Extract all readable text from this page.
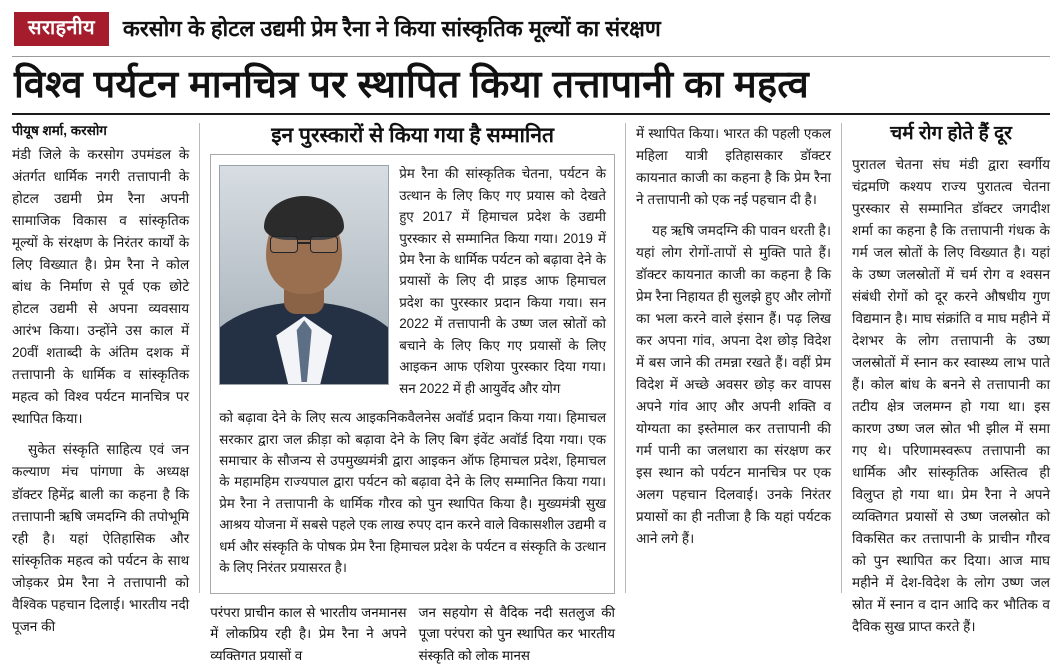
सराहनीय	करसोग के होटल उद्यमी प्रेम रैना ने किया सांस्कृतिक मूल्यों का संरक्षण
विश्व पर्यटन मानचित्र पर स्थापित किया तत्तापानी का महत्व
पीयूष शर्मा, करसोग

मंडी जिले के करसोग उपमंडल के अंतर्गत धार्मिक नगरी तत्तापानी के होटल उद्यमी प्रेम रैना अपनी सामाजिक विकास व सांस्कृतिक मूल्यों के संरक्षण के निरंतर कार्यों के लिए विख्यात है। प्रेम रैना ने कोल बांध के निर्माण से पूर्व एक छोटे होटल उद्यमी से अपना व्यवसाय आरंभ किया। उन्होंने उस काल में 20वीं शताब्दी के अंतिम दशक में तत्तापानी के धार्मिक व सांस्कृतिक महत्व को विश्व पर्यटन मानचित्र पर स्थापित किया।

सुकेत संस्कृति साहित्य एवं जन कल्याण मंच पांगणा के अध्यक्ष डॉक्टर हिमेंद्र बाली का कहना है कि तत्तापानी ऋषि जमदग्नि की तपोभूमि रही है। यहां ऐतिहासिक और सांस्कृतिक महत्व को पर्यटन के साथ जोड़कर प्रेम रैना ने तत्तापानी को वैश्विक पहचान दिलाई। भारतीय नदी पूजन की

इन पुरस्कारों से किया गया है सम्मानित

प्रेम रैना की सांस्कृतिक चेतना, पर्यटन के उत्थान के लिए किए गए प्रयास को देखते हुए 2017 में हिमाचल प्रदेश के उद्यमी पुरस्कार से सम्मानित किया गया। 2019 में प्रेम रैना के धार्मिक पर्यटन को बढ़ावा देने के प्रयासों के लिए दी प्राइड आफ हिमाचल प्रदेश का पुरस्कार प्रदान किया गया। सन 2022 में तत्तापानी के उष्ण जल स्रोतों को बचाने के लिए किए गए प्रयासों के लिए आइकन आफ एशिया पुरस्कार दिया गया। सन 2022 में ही आयुर्वेद और योग

को बढ़ावा देने के लिए सत्य आइकनिकवैलनेस अवॉर्ड प्रदान किया गया। हिमाचल सरकार द्वारा जल क्रीड़ा को बढ़ावा देने के लिए बिग इंवेंट अवॉर्ड दिया गया। एक समाचार के सौजन्य से उपमुख्यमंत्री द्वारा आइकन ऑफ हिमाचल प्रदेश, हिमाचल के महामहिम राज्यपाल द्वारा पर्यटन को बढ़ावा देने के लिए सम्मानित किया गया। प्रेम रैना ने तत्तापानी के धार्मिक गौरव को पुन स्थापित किया है। मुख्यमंत्री सुख आश्रय योजना में सबसे पहले एक लाख रुपए दान करने वाले विकासशील उद्यमी व धर्म और संस्कृति के पोषक प्रेम रैना हिमाचल प्रदेश के पर्यटन व संस्कृति के उत्थान के लिए निरंतर प्रयासरत है।

परंपरा प्राचीन काल से भारतीय जनमानस में लोकप्रिय रही है। प्रेम रैना ने अपने व्यक्तिगत प्रयासों व
जन सहयोग से वैदिक नदी सतलुज की पूजा परंपरा को पुन स्थापित कर भारतीय संस्कृति को लोक मानस

में स्थापित किया। भारत की पहली एकल महिला यात्री इतिहासकार डॉक्टर कायनात काजी का कहना है कि प्रेम रैना ने तत्तापानी को एक नई पहचान दी है।

यह ऋषि जमदग्नि की पावन धरती है। यहां लोग रोगों-तापों से मुक्ति पाते हैं। डॉक्टर कायनात काजी का कहना है कि प्रेम रैना निहायत ही सुलझे हुए और लोगों का भला करने वाले इंसान हैं। पढ़ लिख कर अपना गांव, अपना देश छोड़ विदेश में बस जाने की तमन्ना रखते हैं। वहीं प्रेम विदेश में अच्छे अवसर छोड़ कर वापस अपने गांव आए और अपनी शक्ति व योग्यता का इस्तेमाल कर तत्तापानी की गर्म पानी का जलधारा का संरक्षण कर इस स्थान को पर्यटन मानचित्र पर एक अलग पहचान दिलवाई। उनके निरंतर प्रयासों का ही नतीजा है कि यहां पर्यटक आने लगे हैं।

चर्म रोग होते हैं दूर

पुरातल चेतना संघ मंडी द्वारा स्वर्गीय चंद्रमणि कश्यप राज्य पुरातत्व चेतना पुरस्कार से सम्मानित डॉक्टर जगदीश शर्मा का कहना है कि तत्तापानी गंधक के गर्म जल स्रोतों के लिए विख्यात है। यहां के उष्ण जलस्रोतों में चर्म रोग व श्वसन संबंधी रोगों को दूर करने औषधीय गुण विद्यमान है। माघ संक्रांति व माघ महीने में देशभर के लोग तत्तापानी के उष्ण जलस्रोतों में स्नान कर स्वास्थ्य लाभ पाते हैं। कोल बांध के बनने से तत्तापानी का तटीय क्षेत्र जलमग्न हो गया था। इस कारण उष्ण जल स्रोत भी झील में समा गए थे। परिणामस्वरूप तत्तापानी का धार्मिक और सांस्कृतिक अस्तित्व ही विलुप्त हो गया था। प्रेम रैना ने अपने व्यक्तिगत प्रयासों से उष्ण जलस्रोत को विकसित कर तत्तापानी के प्राचीन गौरव को पुन स्थापित कर दिया। आज माघ महीने में देश-विदेश के लोग उष्ण जल स्रोत में स्नान व दान आदि कर भौतिक व दैविक सुख प्राप्त करते हैं।
